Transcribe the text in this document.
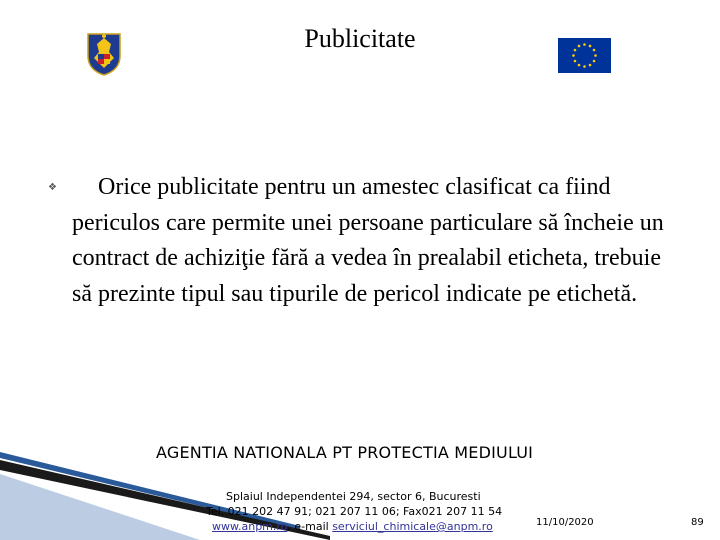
Publicitate
❖	Orice publicitate pentru un amestec clasificat ca fiind periculos care permite unei persoane particulare să încheie un contract de achiziţie fără a vedea în prealabil eticheta, trebuie să prezinte tipul sau tipurile de pericol indicate pe etichetă.
AGENTIA NATIONALA PT PROTECTIA MEDIULUI
Splaiul Independentei 294, sector 6, Bucuresti
Tel. 021 202 47 91; 021 207 11 06; Fax021 207 11 54
www.anpm.ro, e-mail serviciul_chimicale@anpm.ro	11/10/2020	89
